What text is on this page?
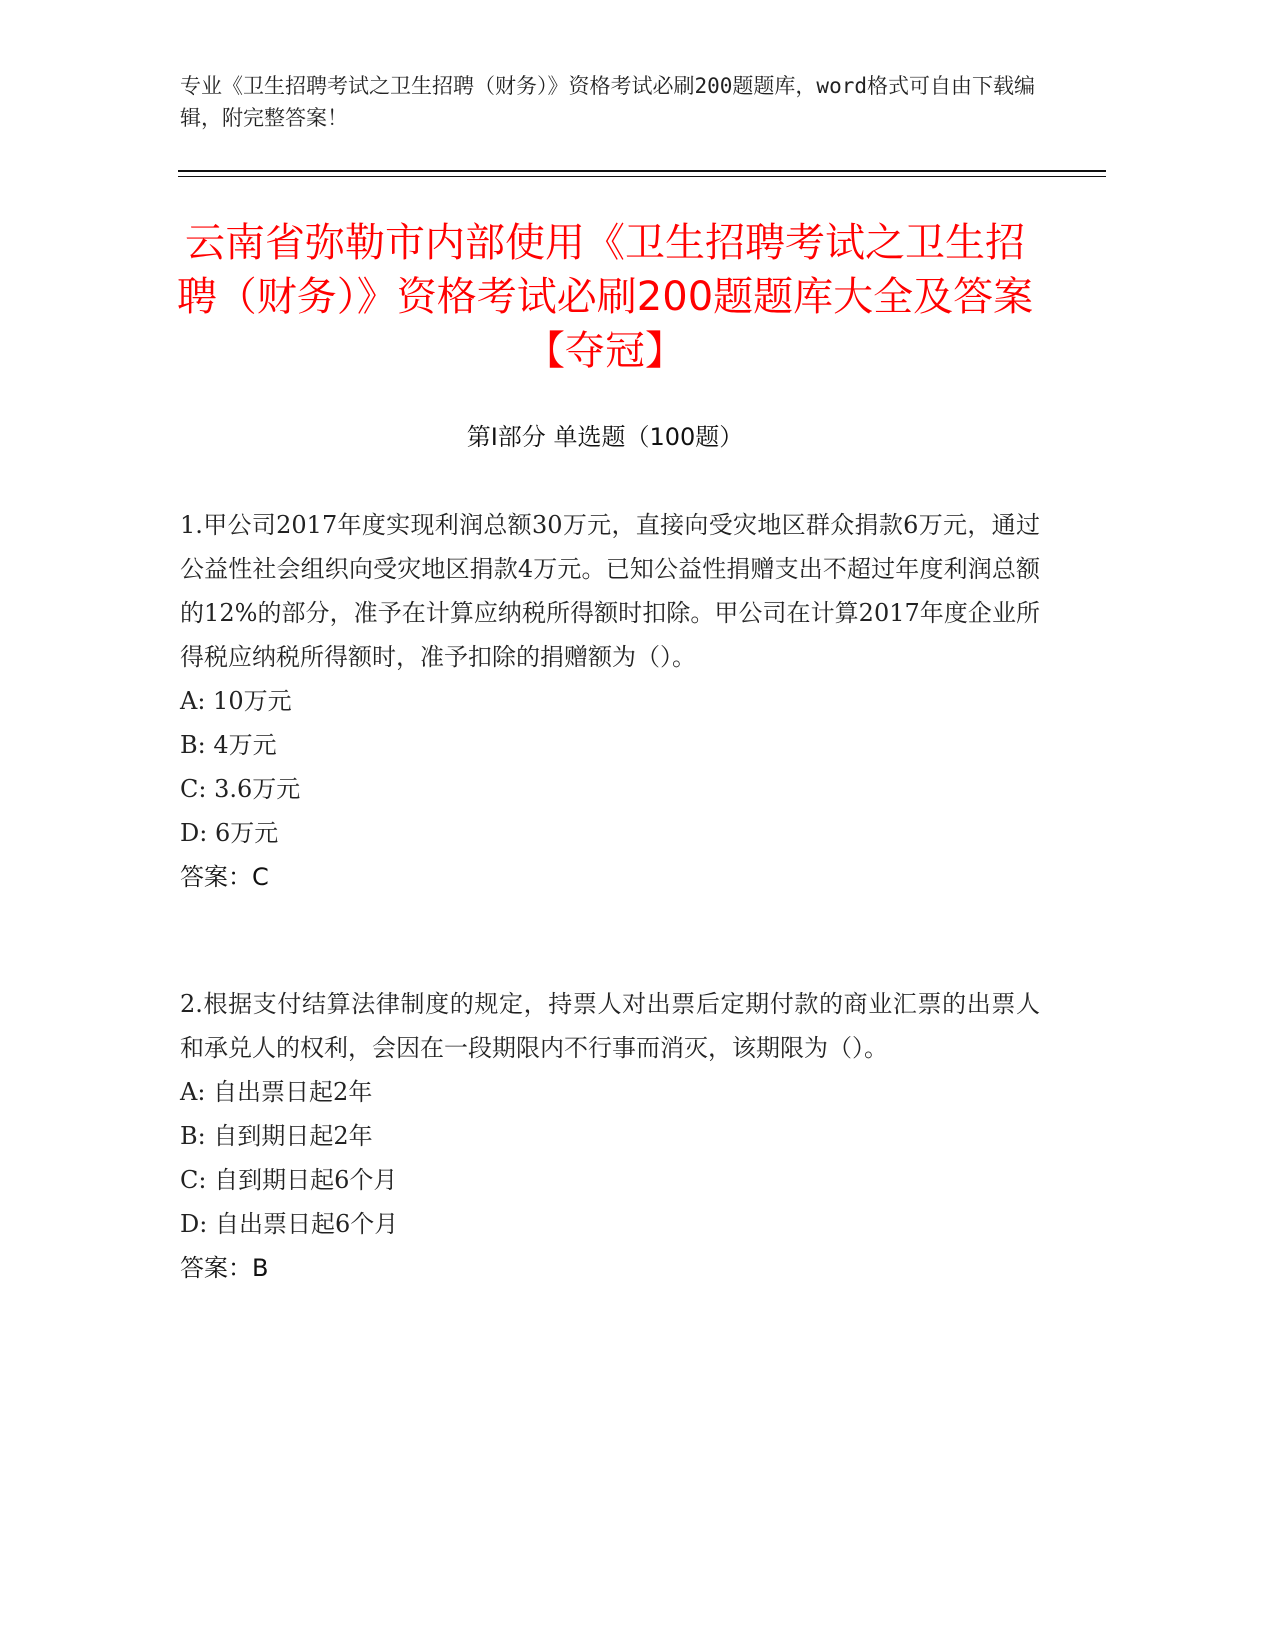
专业《卫生招聘考试之卫生招聘（财务）》资格考试必刷200题题库，word格式可自由下载编辑，附完整答案！
云南省弥勒市内部使用《卫生招聘考试之卫生招聘（财务）》资格考试必刷200题题库大全及答案【夺冠】
第Ⅰ部分 单选题（100题）
1.甲公司2017年度实现利润总额30万元，直接向受灾地区群众捐款6万元，通过公益性社会组织向受灾地区捐款4万元。已知公益性捐赠支出不超过年度利润总额的12%的部分，准予在计算应纳税所得额时扣除。甲公司在计算2017年度企业所得税应纳税所得额时，准予扣除的捐赠额为（）。
A: 10万元
B: 4万元
C: 3.6万元
D: 6万元
答案：C
2.根据支付结算法律制度的规定，持票人对出票后定期付款的商业汇票的出票人和承兑人的权利，会因在一段期限内不行事而消灭，该期限为（）。
A: 自出票日起2年
B: 自到期日起2年
C: 自到期日起6个月
D: 自出票日起6个月
答案：B
